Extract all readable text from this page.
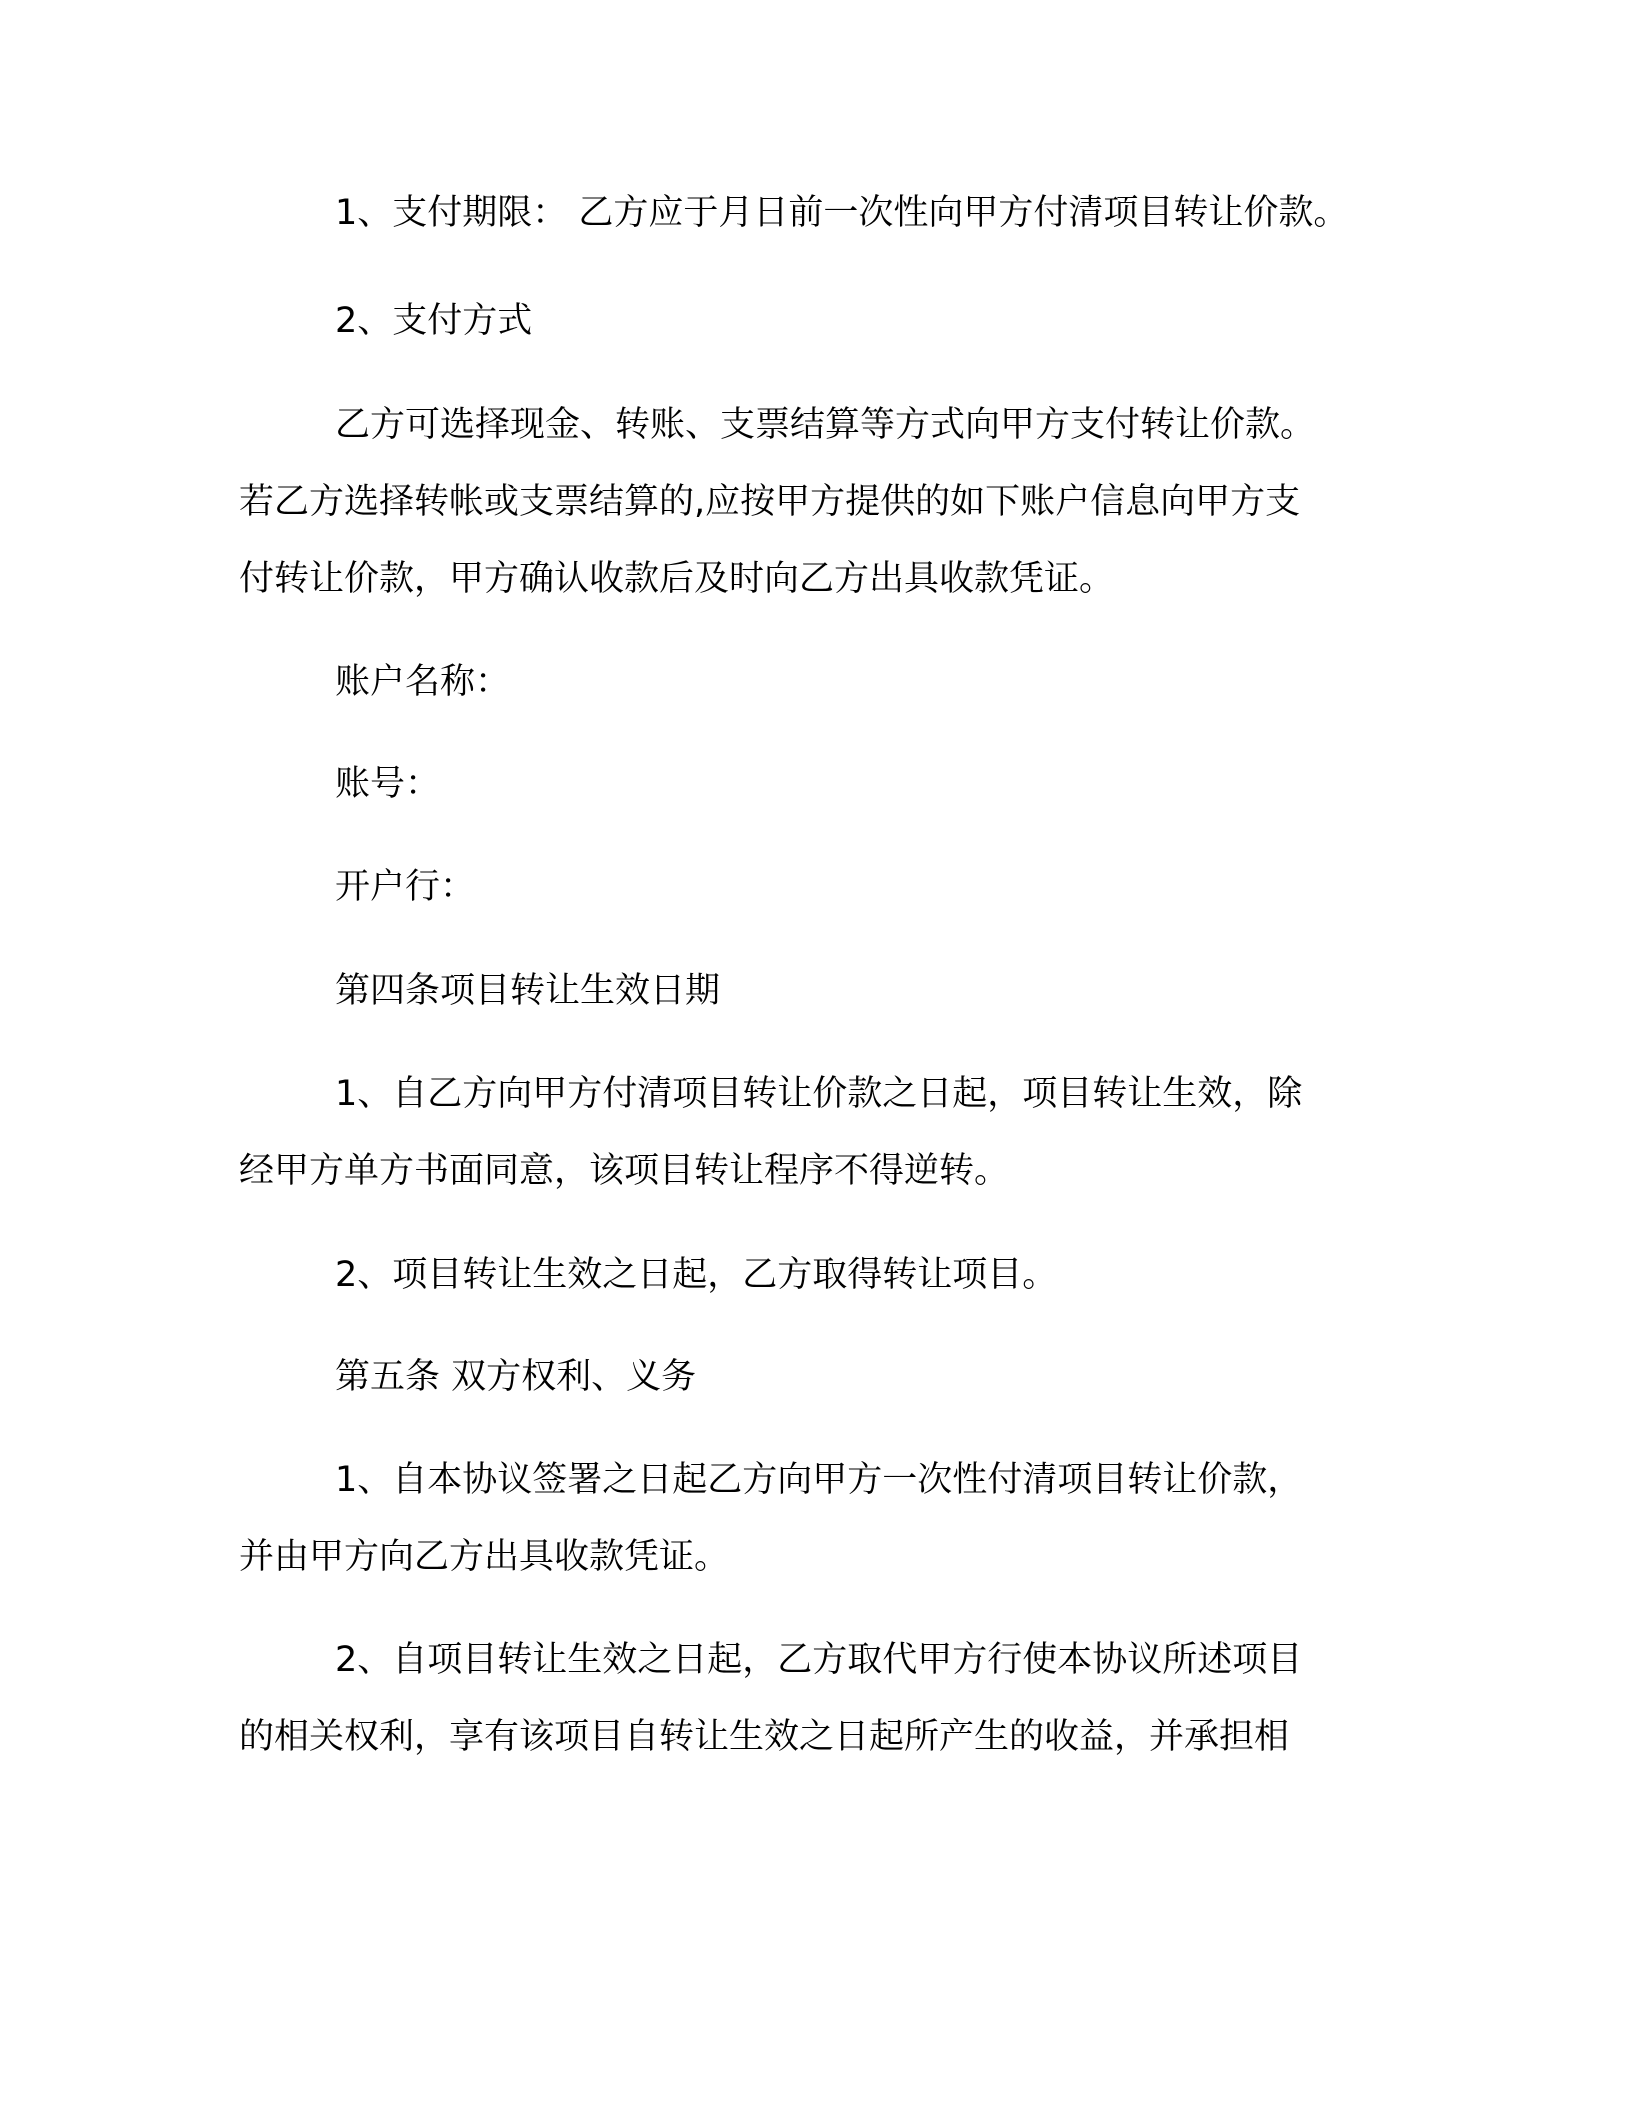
1、支付期限： 乙方应于月日前一次性向甲方付清项目转让价款。
2、支付方式
乙方可选择现金、转账、支票结算等方式向甲方支付转让价款。
若乙方选择转帐或支票结算的,应按甲方提供的如下账户信息向甲方支
付转让价款，甲方确认收款后及时向乙方出具收款凭证。
账户名称：
账号：
开户行：
第四条项目转让生效日期
1、自乙方向甲方付清项目转让价款之日起，项目转让生效，除
经甲方单方书面同意，该项目转让程序不得逆转。
2、项目转让生效之日起，乙方取得转让项目。
第五条 双方权利、义务
1、自本协议签署之日起乙方向甲方一次性付清项目转让价款，
并由甲方向乙方出具收款凭证。
2、自项目转让生效之日起，乙方取代甲方行使本协议所述项目
的相关权利，享有该项目自转让生效之日起所产生的收益，并承担相
